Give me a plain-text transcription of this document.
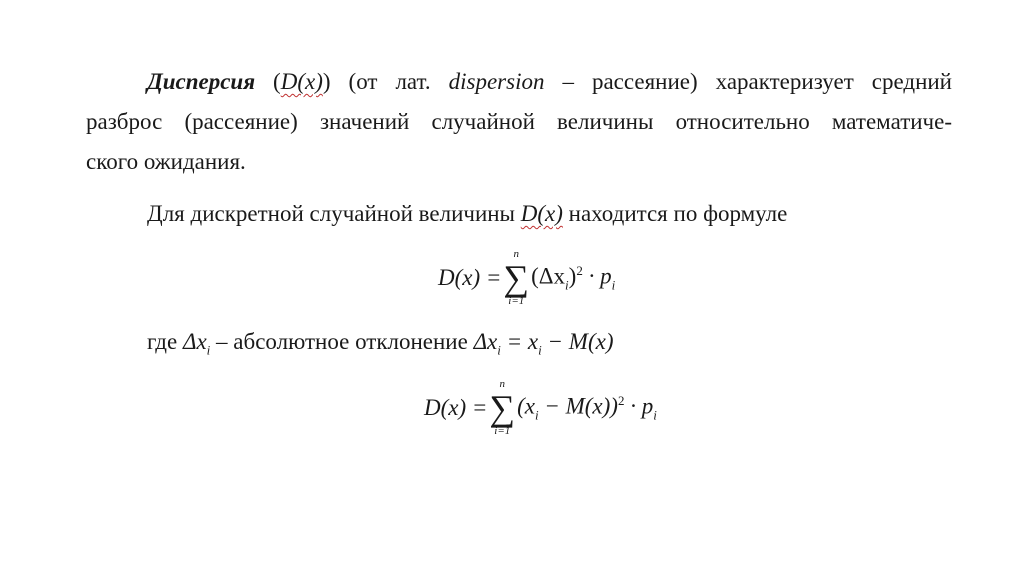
Дисперсия (D(x)) (от лат. dispersion – рассеяние) характеризует средний
разброс (рассеяние) значений случайной величины относительно математиче-
ского ожидания.
Для дискретной случайной величины D(x) находится по формуле
D(x) =
n
∑
i=1
$(\Delta x_i)^2 \cdot p_i$
где $\Delta x_i$ – абсолютное отклонение $\Delta x_i = x_i - M(x)$
D(x) =
n
∑
i=1
$(x_i - M(x))^2 \cdot p_i$
